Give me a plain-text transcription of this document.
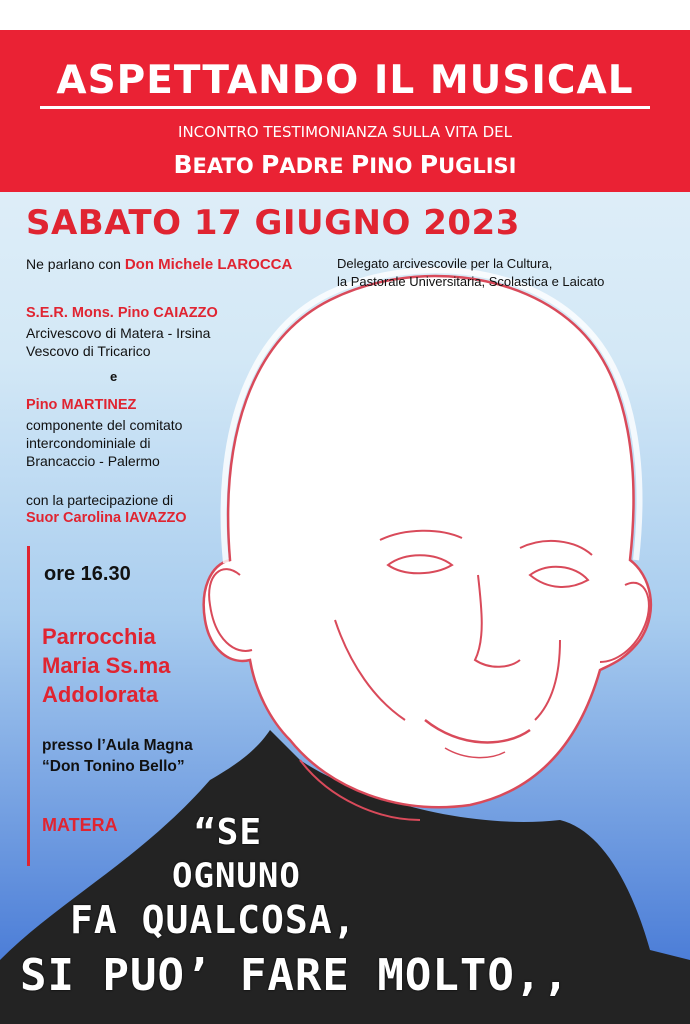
ASPETTANDO IL MUSICAL
INCONTRO TESTIMONIANZA SULLA VITA DEL
BEATO PADRE PINO PUGLISI
SABATO 17 GIUGNO 2023
Ne parlano con Don Michele LAROCCA	Delegato arcivescovile per la Cultura,
la Pastorale Universitaria, Scolastica e Laicato
S.E.R. Mons. Pino CAIAZZO
Arcivescovo di Matera - Irsina
Vescovo di Tricarico
e
Pino MARTINEZ
componente del comitato
intercondominiale di
Brancaccio - Palermo
con la partecipazione di
Suor Carolina IAVAZZO
ore 16.30
Parrocchia
Maria Ss.ma
Addolorata
presso l’Aula Magna
“Don Tonino Bello”
MATERA “SE
OGNUNO
FA QUALCOSA,
SI PUO’ FARE MOLTO,,
